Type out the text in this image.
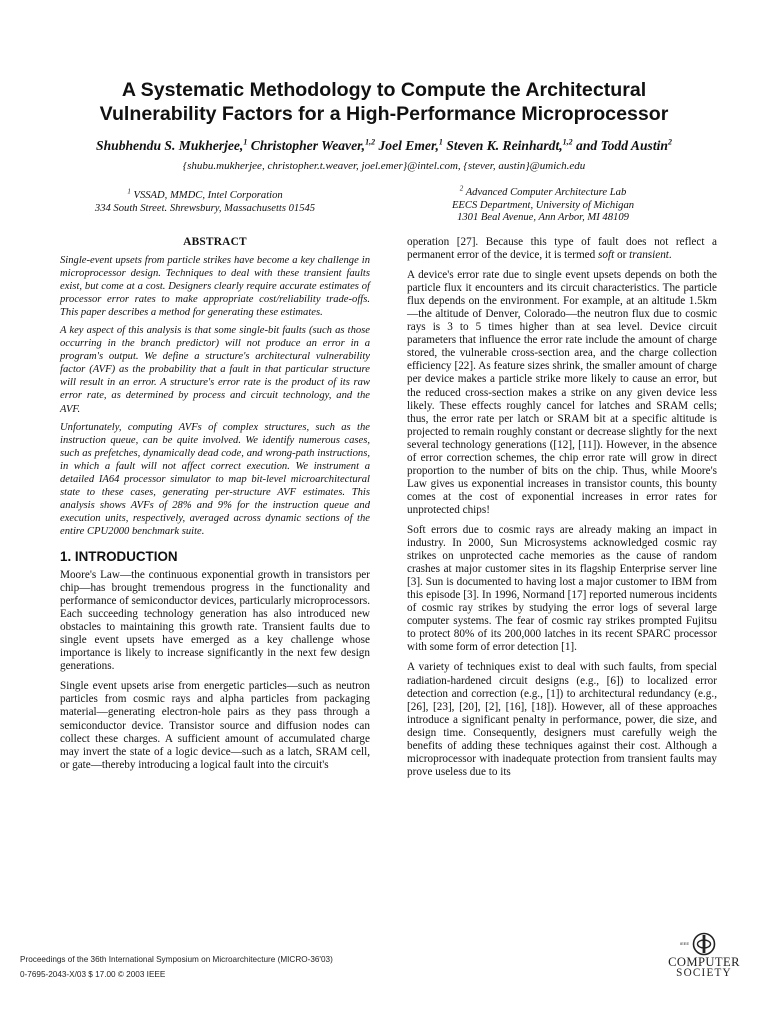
A Systematic Methodology to Compute the Architectural
Vulnerability Factors for a High-Performance Microprocessor
Shubhendu S. Mukherjee,$^1$ Christopher Weaver,$^{1,2}$ Joel Emer,$^1$ Steven K. Reinhardt,$^{1,2}$ and Todd Austin$^2$
{shubu.mukherjee, christopher.t.weaver, joel.emer}@intel.com, {stever, austin}@umich.edu
$^1$ VSSAD, MMDC, Intel Corporation
334 South Street. Shrewsbury, Massachusetts 01545
$^2$ Advanced Computer Architecture Lab
EECS Department, University of Michigan
1301 Beal Avenue, Ann Arbor, MI 48109
ABSTRACT

Single-event upsets from particle strikes have become a key challenge in microprocessor design. Techniques to deal with these transient faults exist, but come at a cost. Designers clearly require accurate estimates of processor error rates to make appropriate cost/reliability trade-offs. This paper describes a method for generating these estimates.

A key aspect of this analysis is that some single-bit faults (such as those occurring in the branch predictor) will not produce an error in a program's output. We define a structure's architectural vulnerability factor (AVF) as the probability that a fault in that particular structure will result in an error. A structure's error rate is the product of its raw error rate, as determined by process and circuit technology, and the AVF.

Unfortunately, computing AVFs of complex structures, such as the instruction queue, can be quite involved. We identify numerous cases, such as prefetches, dynamically dead code, and wrong-path instructions, in which a fault will not affect correct execution. We instrument a detailed IA64 processor simulator to map bit-level microarchitectural state to these cases, generating per-structure AVF estimates. This analysis shows AVFs of 28% and 9% for the instruction queue and execution units, respectively, averaged across dynamic sections of the entire CPU2000 benchmark suite.

1. INTRODUCTION

Moore's Law—the continuous exponential growth in transistors per chip—has brought tremendous progress in the functionality and performance of semiconductor devices, particularly microprocessors. Each succeeding technology generation has also introduced new obstacles to maintaining this growth rate. Transient faults due to single event upsets have emerged as a key challenge whose importance is likely to increase significantly in the next few design generations.

Single event upsets arise from energetic particles—such as neutron particles from cosmic rays and alpha particles from packaging material—generating electron-hole pairs as they pass through a semiconductor device. Transistor source and diffusion nodes can collect these charges. A sufficient amount of accumulated charge may invert the state of a logic device—such as a latch, SRAM cell, or gate—thereby introducing a logical fault into the circuit's

operation [27]. Because this type of fault does not reflect a permanent error of the device, it is termed soft or transient.

A device's error rate due to single event upsets depends on both the particle flux it encounters and its circuit characteristics. The particle flux depends on the environment. For example, at an altitude 1.5km—the altitude of Denver, Colorado—the neutron flux due to cosmic rays is 3 to 5 times higher than at sea level. Device circuit parameters that influence the error rate include the amount of charge stored, the vulnerable cross-section area, and the charge collection efficiency [22]. As feature sizes shrink, the smaller amount of charge per device makes a particle strike more likely to cause an error, but the reduced cross-section makes a strike on any given device less likely. These effects roughly cancel for latches and SRAM cells; thus, the error rate per latch or SRAM bit at a specific altitude is projected to remain roughly constant or decrease slightly for the next several technology generations ([12], [11]). However, in the absence of error correction schemes, the chip error rate will grow in direct proportion to the number of bits on the chip. Thus, while Moore's Law gives us exponential increases in transistor counts, this bounty comes at the cost of exponential increases in error rates for unprotected chips!

Soft errors due to cosmic rays are already making an impact in industry. In 2000, Sun Microsystems acknowledged cosmic ray strikes on unprotected cache memories as the cause of random crashes at major customer sites in its flagship Enterprise server line [3]. Sun is documented to having lost a major customer to IBM from this episode [3]. In 1996, Normand [17] reported numerous incidents of cosmic ray strikes by studying the error logs of several large computer systems. The fear of cosmic ray strikes prompted Fujitsu to protect 80% of its 200,000 latches in its recent SPARC processor with some form of error detection [1].

A variety of techniques exist to deal with such faults, from special radiation-hardened circuit designs (e.g., [6]) to localized error detection and correction (e.g., [1]) to architectural redundancy (e.g., [26], [23], [20], [2], [16], [18]). However, all of these approaches introduce a significant penalty in performance, power, die size, and design time. Consequently, designers must carefully weigh the benefits of adding these techniques against their cost. Although a microprocessor with inadequate protection from transient faults may prove useless due to its

Proceedings of the 36th International Symposium on Microarchitecture (MICRO-36'03)
0-7695-2043-X/03 $ 17.00 © 2003 IEEE
IEEE
COMPUTER
SOCIETY
